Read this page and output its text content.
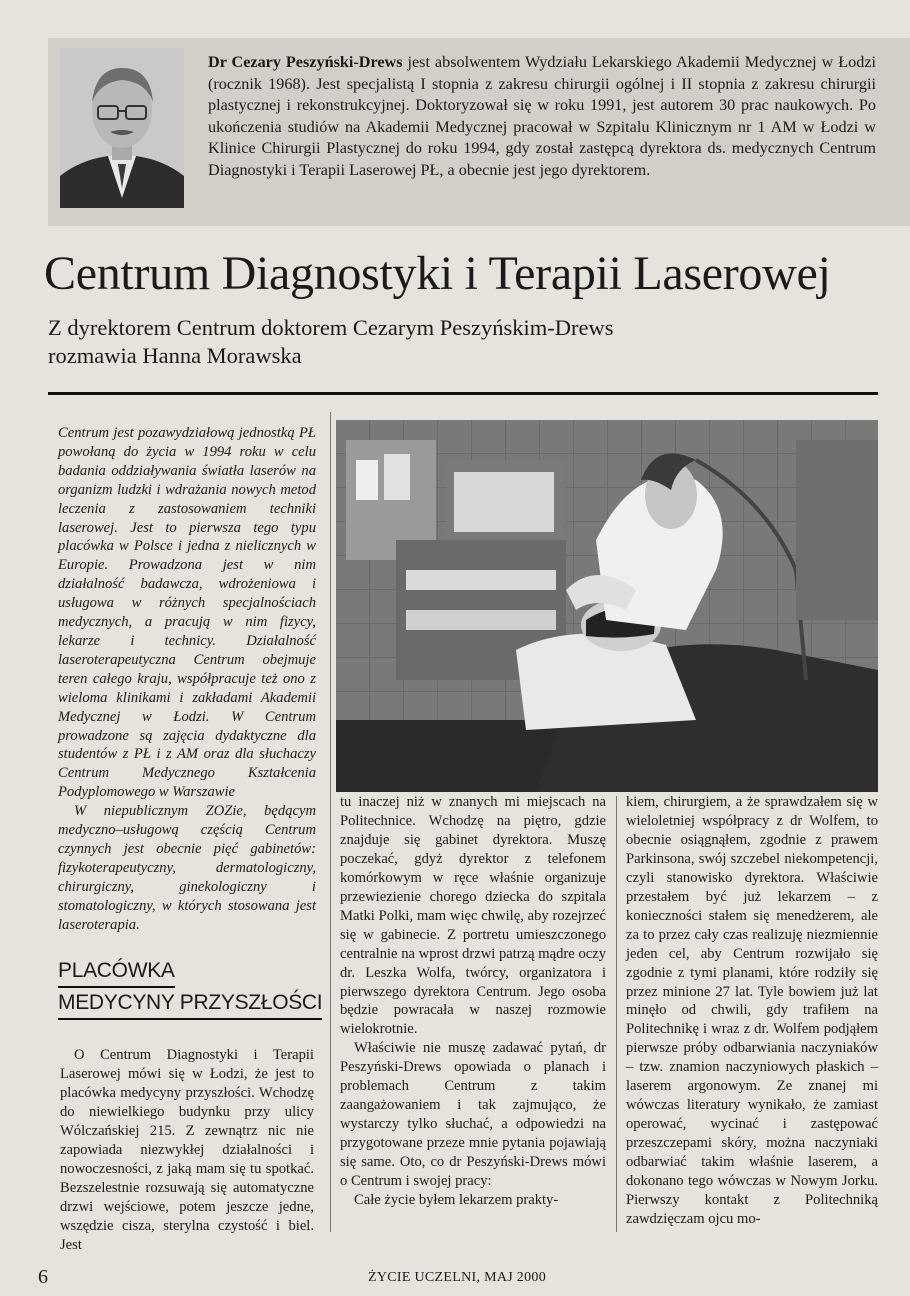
Dr Cezary Peszyński-Drews jest absolwentem Wydziału Lekarskiego Akademii Medycznej w Łodzi (rocznik 1968). Jest specjalistą I stopnia z zakresu chirurgii ogólnej i II stopnia z zakresu chirurgii plastycznej i rekonstrukcyjnej. Doktoryzował się w roku 1991, jest autorem 30 prac naukowych. Po ukończenia studiów na Akademii Medycznej pracował w Szpitalu Klinicznym nr 1 AM w Łodzi w Klinice Chirurgii Plastycznej do roku 1994, gdy został zastępcą dyrektora ds. medycznych Centrum Diagnostyki i Terapii Laserowej PŁ, a obecnie jest jego dyrektorem.
Centrum Diagnostyki i Terapii Laserowej
Z dyrektorem Centrum doktorem Cezarym Peszyńskim-Drews
rozmawia Hanna Morawska

Centrum jest pozawydziałową jednostką PŁ powołaną do życia w 1994 roku w celu badania oddziaływania światła laserów na organizm ludzki i wdrażania nowych metod leczenia z zastosowaniem techniki laserowej. Jest to pierwsza tego typu placówka w Polsce i jedna z nielicznych w Europie. Prowadzona jest w nim działalność badawcza, wdrożeniowa i usługowa w różnych specjalnościach medycznych, a pracują w nim fizycy, lekarze i technicy. Działalność laseroterapeutyczna Centrum obejmuje teren całego kraju, współpracuje też ono z wieloma klinikami i zakładami Akademii Medycznej w Łodzi. W Centrum prowadzone są zajęcia dydaktyczne dla studentów z PŁ i z AM oraz dla słuchaczy Centrum Medycznego Kształcenia Podyplomowego w Warszawie

W niepublicznym ZOZie, będącym medyczno–usługową częścią Centrum czynnych jest obecnie pięć gabinetów: fizykoterapeutyczny, dermatologiczny, chirurgiczny, ginekologiczny i stomatologiczny, w których stosowana jest laseroterapia.

PLACÓWKA
MEDYCYNY PRZYSZŁOŚCI

O Centrum Diagnostyki i Terapii Laserowej mówi się w Łodzi, że jest to placówka medycyny przyszłości. Wchodzę do niewielkiego budynku przy ulicy Wólczańskiej 215. Z zewnątrz nic nie zapowiada niezwykłej działalności i nowoczesności, z jaką mam się tu spotkać. Bezszelestnie rozsuwają się automatyczne drzwi wejściowe, potem jeszcze jedne, wszędzie cisza, sterylna czystość i biel. Jest

tu inaczej niż w znanych mi miejscach na Politechnice. Wchodzę na piętro, gdzie znajduje się gabinet dyrektora. Muszę poczekać, gdyż dyrektor z telefonem komórkowym w ręce właśnie organizuje przewiezienie chorego dziecka do szpitala Matki Polki, mam więc chwilę, aby rozejrzeć się w gabinecie. Z portretu umieszczonego centralnie na wprost drzwi patrzą mądre oczy dr. Leszka Wolfa, twórcy, organizatora i pierwszego dyrektora Centrum. Jego osoba będzie powracała w naszej rozmowie wielokrotnie.

Właściwie nie muszę zadawać pytań, dr Peszyński-Drews opowiada o planach i problemach Centrum z takim zaangażowaniem i tak zajmująco, że wystarczy tylko słuchać, a odpowiedzi na przygotowane przeze mnie pytania pojawiają się same. Oto, co dr Peszyński-Drews mówi o Centrum i swojej pracy:

Całe życie byłem lekarzem prakty-

kiem, chirurgiem, a że sprawdzałem się w wieloletniej współpracy z dr Wolfem, to obecnie osiągnąłem, zgodnie z prawem Parkinsona, swój szczebel niekompetencji, czyli stanowisko dyrektora. Właściwie przestałem być już lekarzem – z konieczności stałem się menedżerem, ale za to przez cały czas realizuję niezmiennie jeden cel, aby Centrum rozwijało się zgodnie z tymi planami, które rodziły się przez minione 27 lat. Tyle bowiem już lat minęło od chwili, gdy trafiłem na Politechnikę i wraz z dr. Wolfem podjąłem pierwsze próby odbarwiania naczyniaków – tzw. znamion naczyniowych płaskich – laserem argonowym. Ze znanej mi wówczas literatury wynikało, że zamiast operować, wycinać i zastępować przeszczepami skóry, można naczyniaki odbarwiać takim właśnie laserem, a dokonano tego wówczas w Nowym Jorku. Pierwszy kontakt z Politechniką zawdzięczam ojcu mo-

6	ŻYCIE UCZELNI, MAJ 2000
